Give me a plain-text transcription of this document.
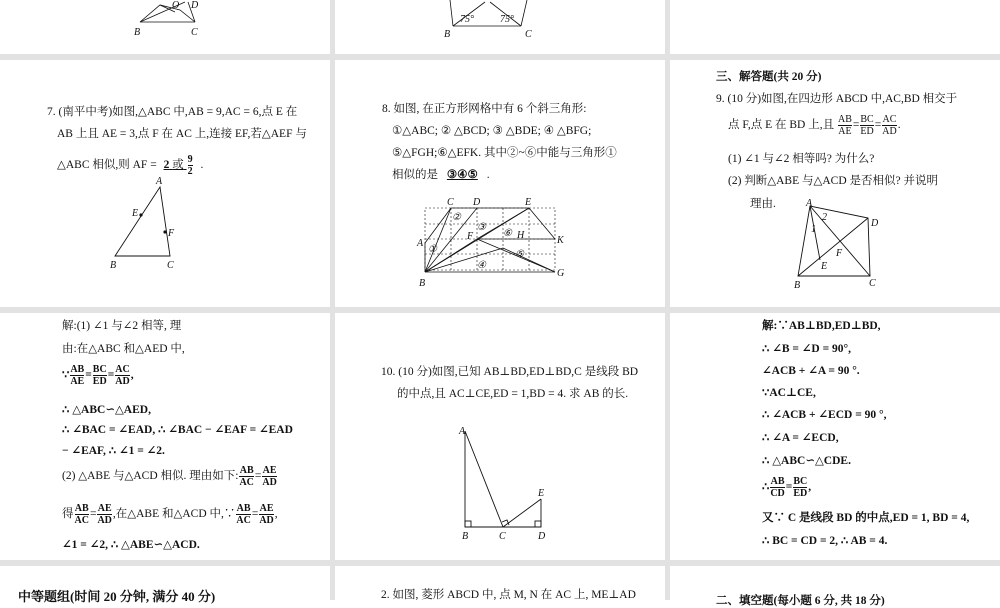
B	C
O D
75°	75°
B	C
7. (南平中考)如图,△ABC 中,AB = 9,AC = 6,点 E 在
AB 上且 AE = 3,点 F 在 AC 上,连接 EF,若△AEF 与
△ABC 相似,则 AF = 2 或 $\frac{9}{2}$ .
A
E
F
B	C
8. 如图, 在正方形网格中有 6 个斜三角形:
①△ABC; ② △BCD; ③ △BDE; ④ △BFG;
⑤△FGH;⑥△EFK. 其中②~⑥中能与三角形①
相似的是 ③④⑤ .
B
A
C D	E
F
G
H	K
①
②
③
④
⑤
⑥
三、解答题(共 20 分)
9. (10 分)如图,在四边形 ABCD 中,AC,BD 相交于
点 F,点 E 在 BD 上,且 $\frac{AB}{AE} = \frac{BC}{ED} = \frac{AC}{AD}$ .
(1) ∠1 与∠2 相等吗? 为什么?
(2) 判断△ABE 与△ACD 是否相似? 并说明
理由.	A
B	C
D
E
F
1
2
解:(1) ∠1 与∠2 相等, 理
由:在△ABC 和△AED 中,
∵ $\frac{AB}{AE} = \frac{BC}{ED} = \frac{AC}{AD}$ ,
∴ △ABC∽△AED,
∴ ∠BAC = ∠EAD, ∴ ∠BAC − ∠EAF = ∠EAD
− ∠EAF, ∴ ∠1 = ∠2.
(2) △ABE 与△ACD 相似. 理由如下: $\frac{AB}{AC} = \frac{AE}{AD}$
得 $\frac{AB}{AC} = \frac{AE}{AD}$ ,在△ABE 和△ACD 中,∵ $\frac{AB}{AC} = \frac{AE}{AD}$ ,
∠1 = ∠2, ∴ △ABE∽△ACD.
10. (10 分)如图,已知 AB⊥BD,ED⊥BD,C 是线段 BD
的中点,且 AC⊥CE,ED = 1,BD = 4. 求 AB 的长.
A
B	C	D
E
解:∵AB⊥BD,ED⊥BD,
∴ ∠B = ∠D = 90°,
∠ACB + ∠A = 90 °.
∵AC⊥CE,
∴ ∠ACB + ∠ECD = 90 °,
∴ ∠A = ∠ECD,
∴ △ABC∽△CDE.
∴ $\frac{AB}{CD} = \frac{BC}{ED}$ ,
又∵ C 是线段 BD 的中点,ED = 1, BD = 4,
∴ BC = CD = 2, ∴ AB = 4.
中等题组(时间 20 分钟, 满分 40 分)	2. 如图, 菱形 ABCD 中, 点 M, N 在 AC 上, ME⊥AD	二、填空题(每小题 6 分, 共 18 分)
